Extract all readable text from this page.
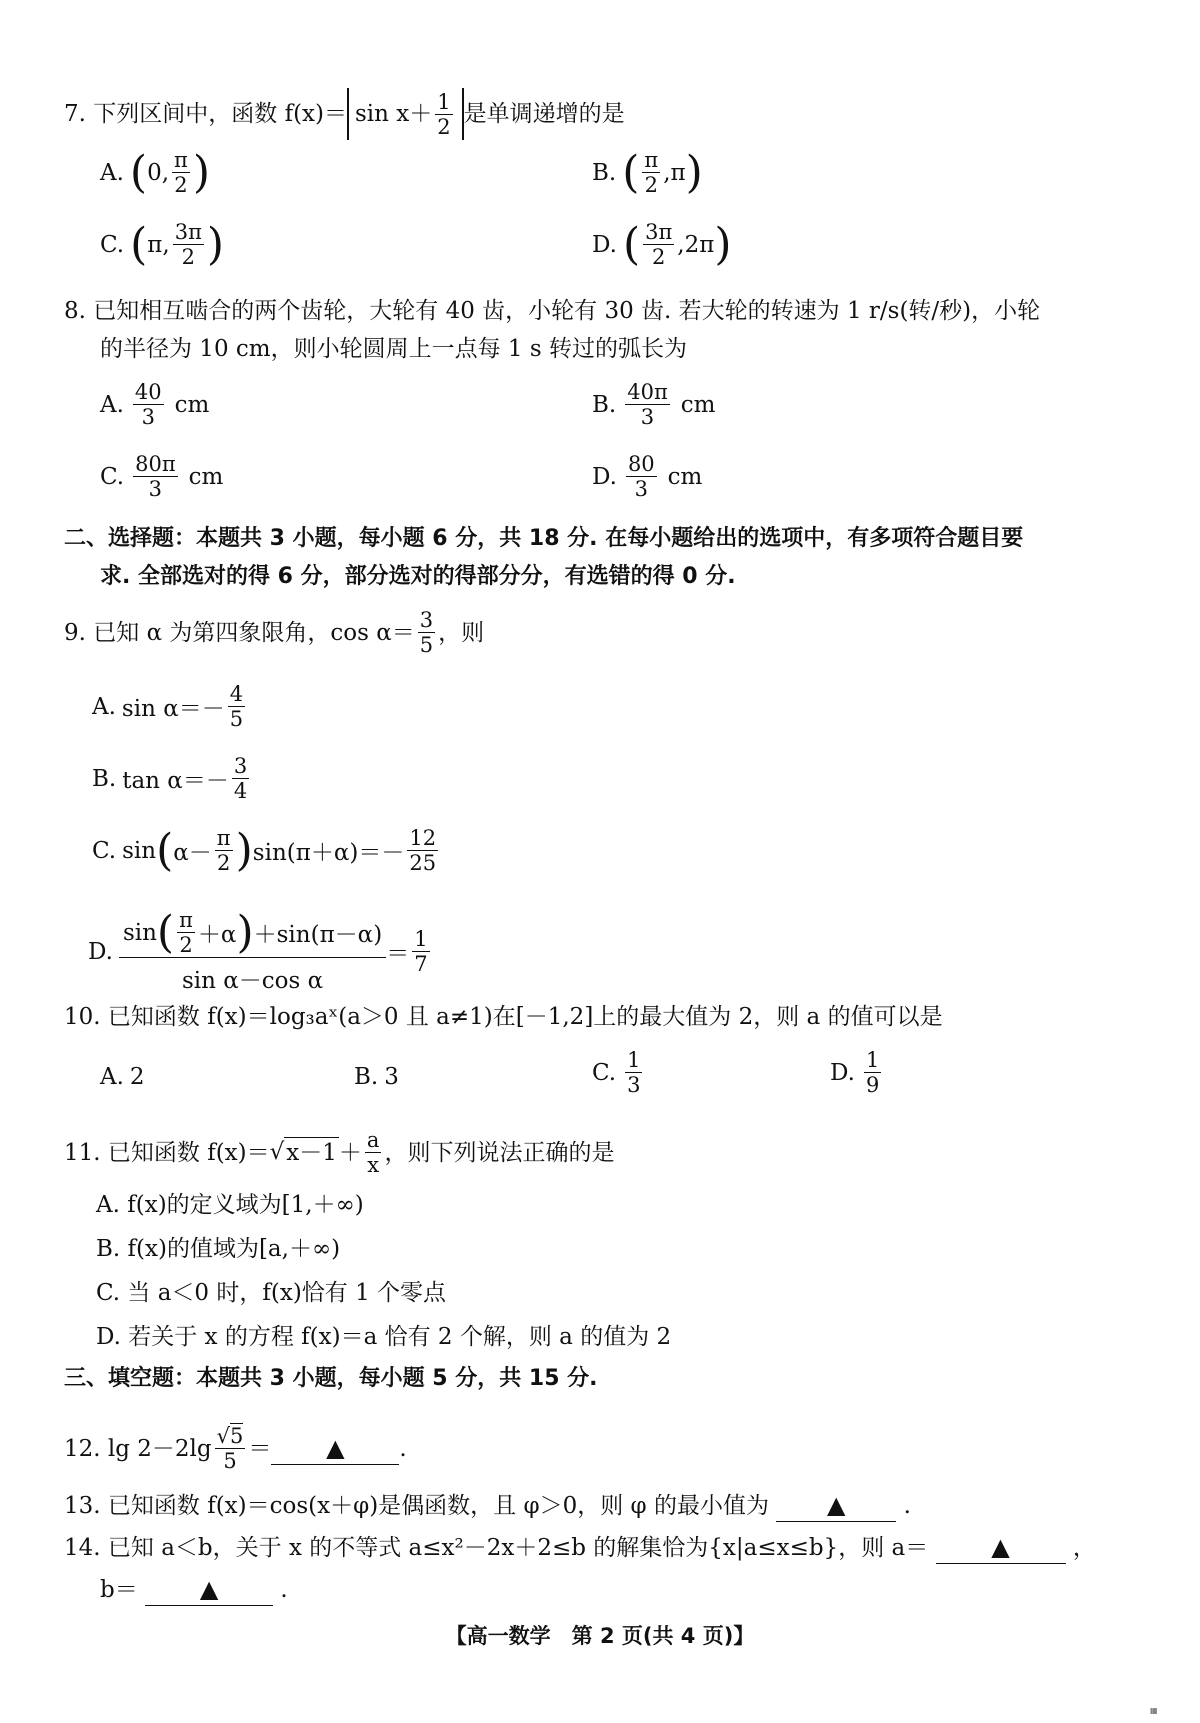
7. 下列区间中，函数 $f(x)= \sin x+ \frac{1}{2}$ 是单调递增的是
A. ( 0, $\frac{\pi}{2}$ )	B. ( $\frac{\pi}{2} ,\pi$ )
C. ( π, $\frac{3\pi}{2}$ )	D. ( $\frac{3\pi}{2} ,2\pi$ )
8. 已知相互啮合的两个齿轮，大轮有 40 齿，小轮有 30 齿. 若大轮的转速为 1 r/s(转/秒)，小轮
的半径为 10 cm，则小轮圆周上一点每 1 s 转过的弧长为
A. $\frac{40}{3}$ cm	B. $\frac{40\pi}{3}$ cm
C. $\frac{80\pi}{3}$ cm	D. $\frac{80}{3}$ cm
二、选择题：本题共 3 小题，每小题 6 分，共 18 分. 在每小题给出的选项中，有多项符合题目要
求. 全部选对的得 6 分，部分选对的得部分分，有选错的得 0 分.
9. 已知 α 为第四象限角，$\cos \alpha= \frac{3}{5}$ ，则
A. $\sin \alpha=- \frac{4}{5}$
B. $\tan \alpha=- \frac{3}{4}$
C. sin ( $\alpha- \frac{\pi}{2}$ ) $\sin(\pi+\alpha)=- \frac{12}{25}$
D.
sin ( $\frac{\pi}{2} +\alpha$ ) ＋sin(π－α)
sin α－cos α
＝ $\frac{1}{7}$
10. 已知函数 f(x)＝log₃aˣ(a＞0 且 a≠1)在[－1,2]上的最大值为 2，则 a 的值可以是
A. 2	B. 3	C. $\frac{1}{3}$	D. $\frac{1}{9}$
11. 已知函数 f(x)＝ √ $x-1 + \frac{a}{x}$ ，则下列说法正确的是
A. f(x)的定义域为[1,＋∞)
B. f(x)的值域为[a,＋∞)
C. 当 a＜0 时，f(x)恰有 1 个零点
D. 若关于 x 的方程 f(x)＝a 恰有 2 个解，则 a 的值为 2
三、填空题：本题共 3 小题，每小题 5 分，共 15 分.
12. $\lg 2-2\lg \frac{√5}{5}$ ＝	▲	.
13. 已知函数 f(x)＝cos(x＋φ)是偶函数，且 φ＞0，则 φ 的最小值为 ▲	.
14. 已知 a＜b，关于 x 的不等式 a≤x²－2x＋2≤b 的解集恰为{x|a≤x≤b}，则 a＝	▲	，
b＝	▲	.
【高一数学　第 2 页(共 4 页)】
▦
